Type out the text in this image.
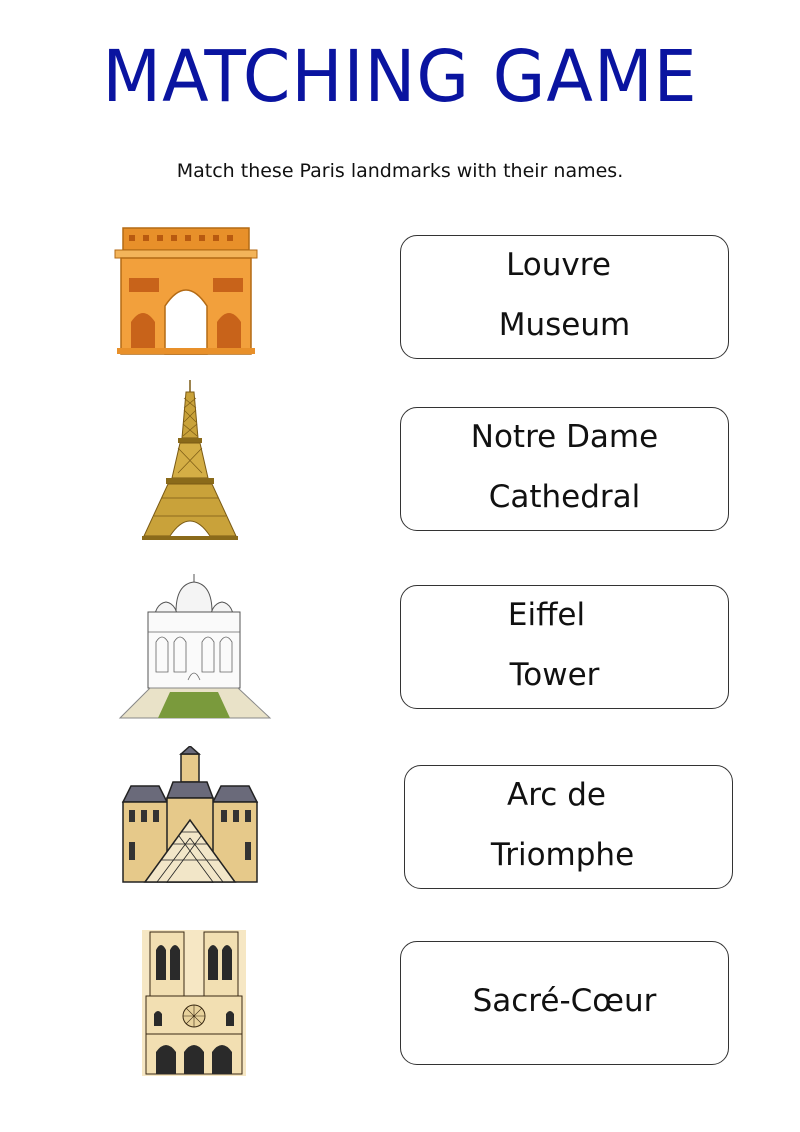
MATCHING GAME
Match these Paris landmarks with their names.
Louvre
Museum
Notre Dame
Cathedral
Eiffel
Tower
Arc de
Triomphe
Sacré-Cœur
